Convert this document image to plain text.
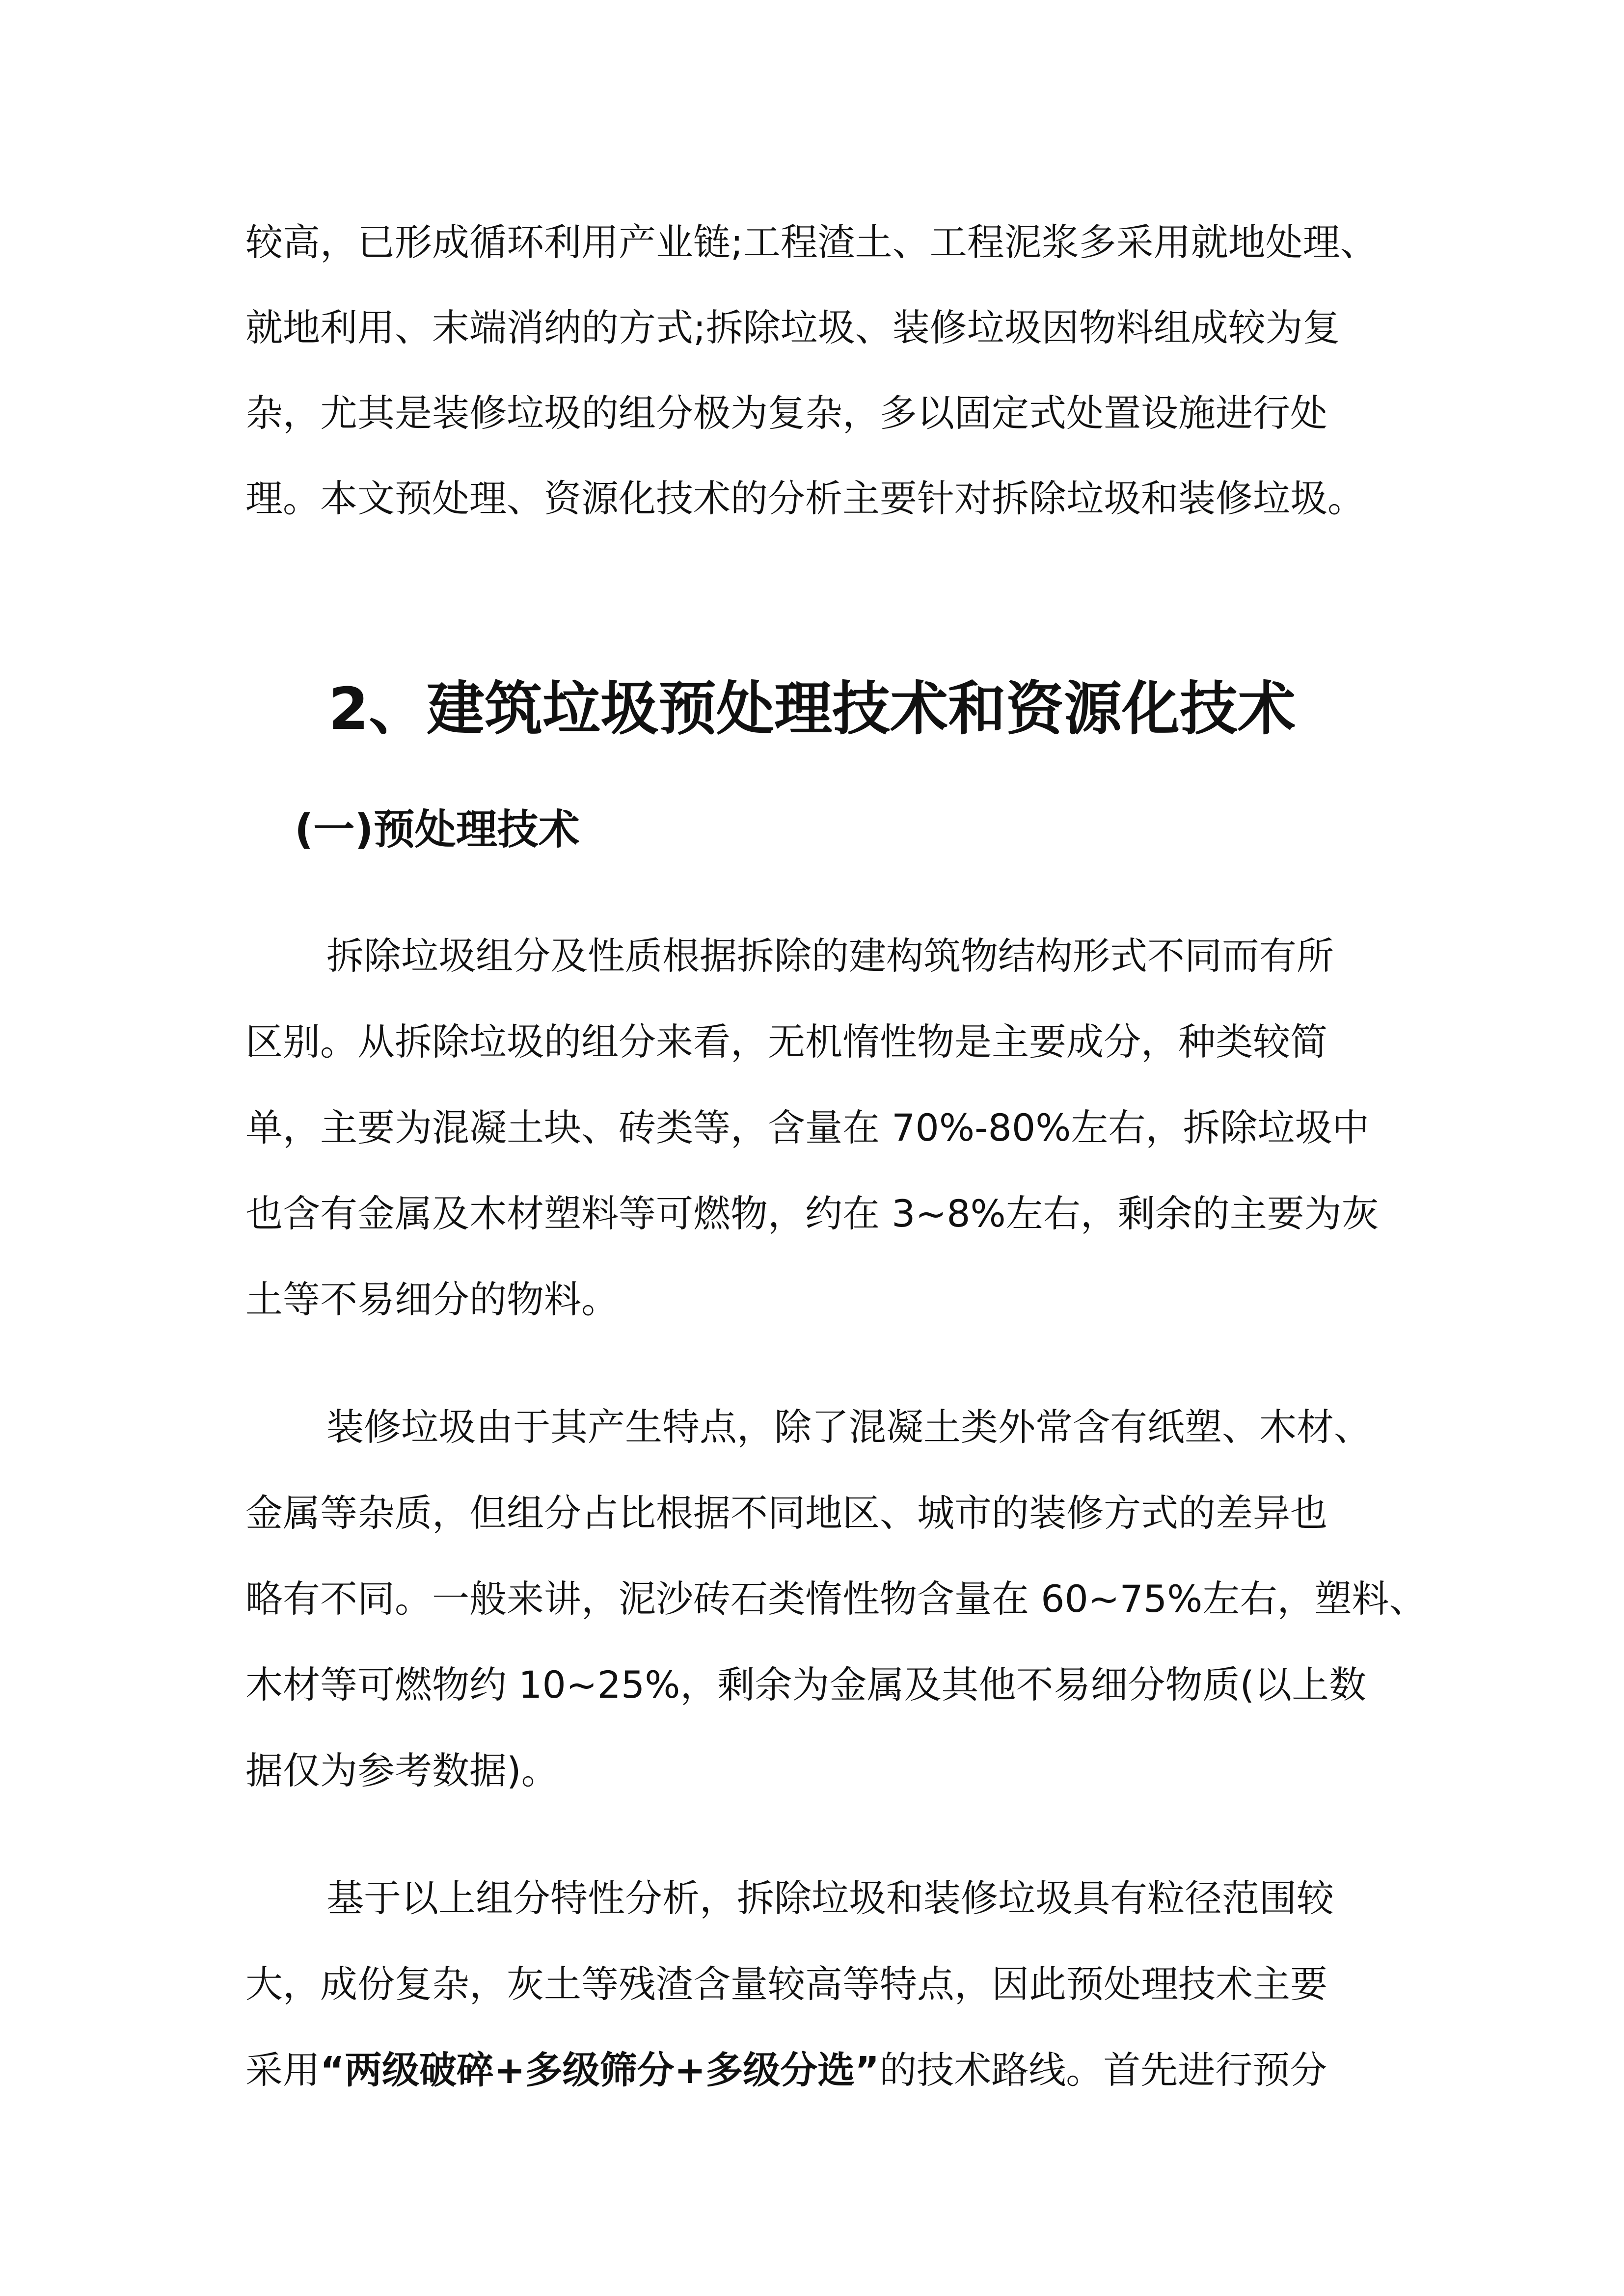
较高，已形成循环利用产业链;工程渣土、工程泥浆多采用就地处理、

就地利用、末端消纳的方式;拆除垃圾、装修垃圾因物料组成较为复

杂，尤其是装修垃圾的组分极为复杂，多以固定式处置设施进行处

理。本文预处理、资源化技术的分析主要针对拆除垃圾和装修垃圾。

2、建筑垃圾预处理技术和资源化技术
(一)预处理技术

拆除垃圾组分及性质根据拆除的建构筑物结构形式不同而有所

区别。从拆除垃圾的组分来看，无机惰性物是主要成分，种类较简

单，主要为混凝土块、砖类等，含量在 70%-80%左右，拆除垃圾中

也含有金属及木材塑料等可燃物，约在 3~8%左右，剩余的主要为灰

土等不易细分的物料。

装修垃圾由于其产生特点，除了混凝土类外常含有纸塑、木材、

金属等杂质，但组分占比根据不同地区、城市的装修方式的差异也

略有不同。一般来讲，泥沙砖石类惰性物含量在 60~75%左右，塑料、

木材等可燃物约 10~25%，剩余为金属及其他不易细分物质(以上数

据仅为参考数据)。

基于以上组分特性分析，拆除垃圾和装修垃圾具有粒径范围较

大，成份复杂，灰土等残渣含量较高等特点，因此预处理技术主要

采用“两级破碎+多级筛分+多级分选”的技术路线。首先进行预分
